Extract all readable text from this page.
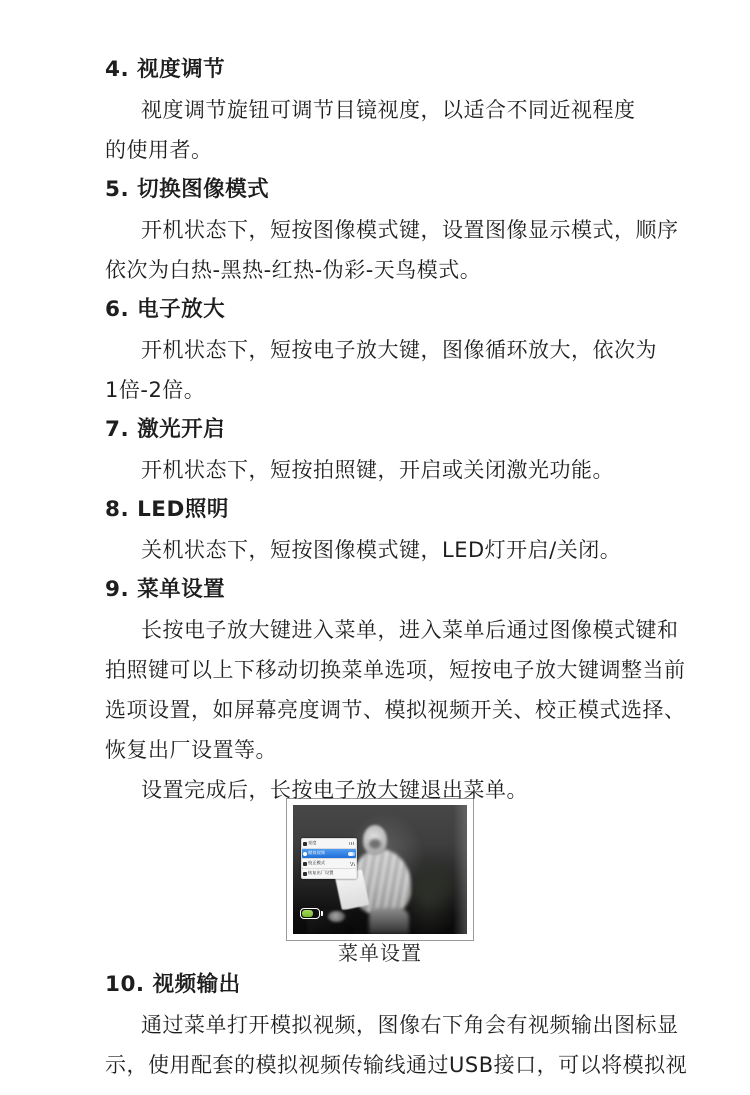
4. 视度调节
视度调节旋钮可调节目镜视度，以适合不同近视程度
的使用者。
5. 切换图像模式
开机状态下，短按图像模式键，设置图像显示模式，顺序
依次为白热-黑热-红热-伪彩-天鸟模式。
6. 电子放大
开机状态下，短按电子放大键，图像循环放大，依次为
1倍-2倍。
7. 激光开启
开机状态下，短按拍照键，开启或关闭激光功能。
8. LED照明
关机状态下，短按图像模式键，LED灯开启/关闭。
9. 菜单设置
长按电子放大键进入菜单，进入菜单后通过图像模式键和
拍照键可以上下移动切换菜单选项，短按电子放大键调整当前
选项设置，如屏幕亮度调节、模拟视频开关、校正模式选择、
恢复出厂设置等。
设置完成后，长按电子放大键退出菜单。
亮度
模拟视频
校正模式
恢复出厂设置
菜单设置
10. 视频输出
通过菜单打开模拟视频，图像右下角会有视频输出图标显
示，使用配套的模拟视频传输线通过USB接口，可以将模拟视
